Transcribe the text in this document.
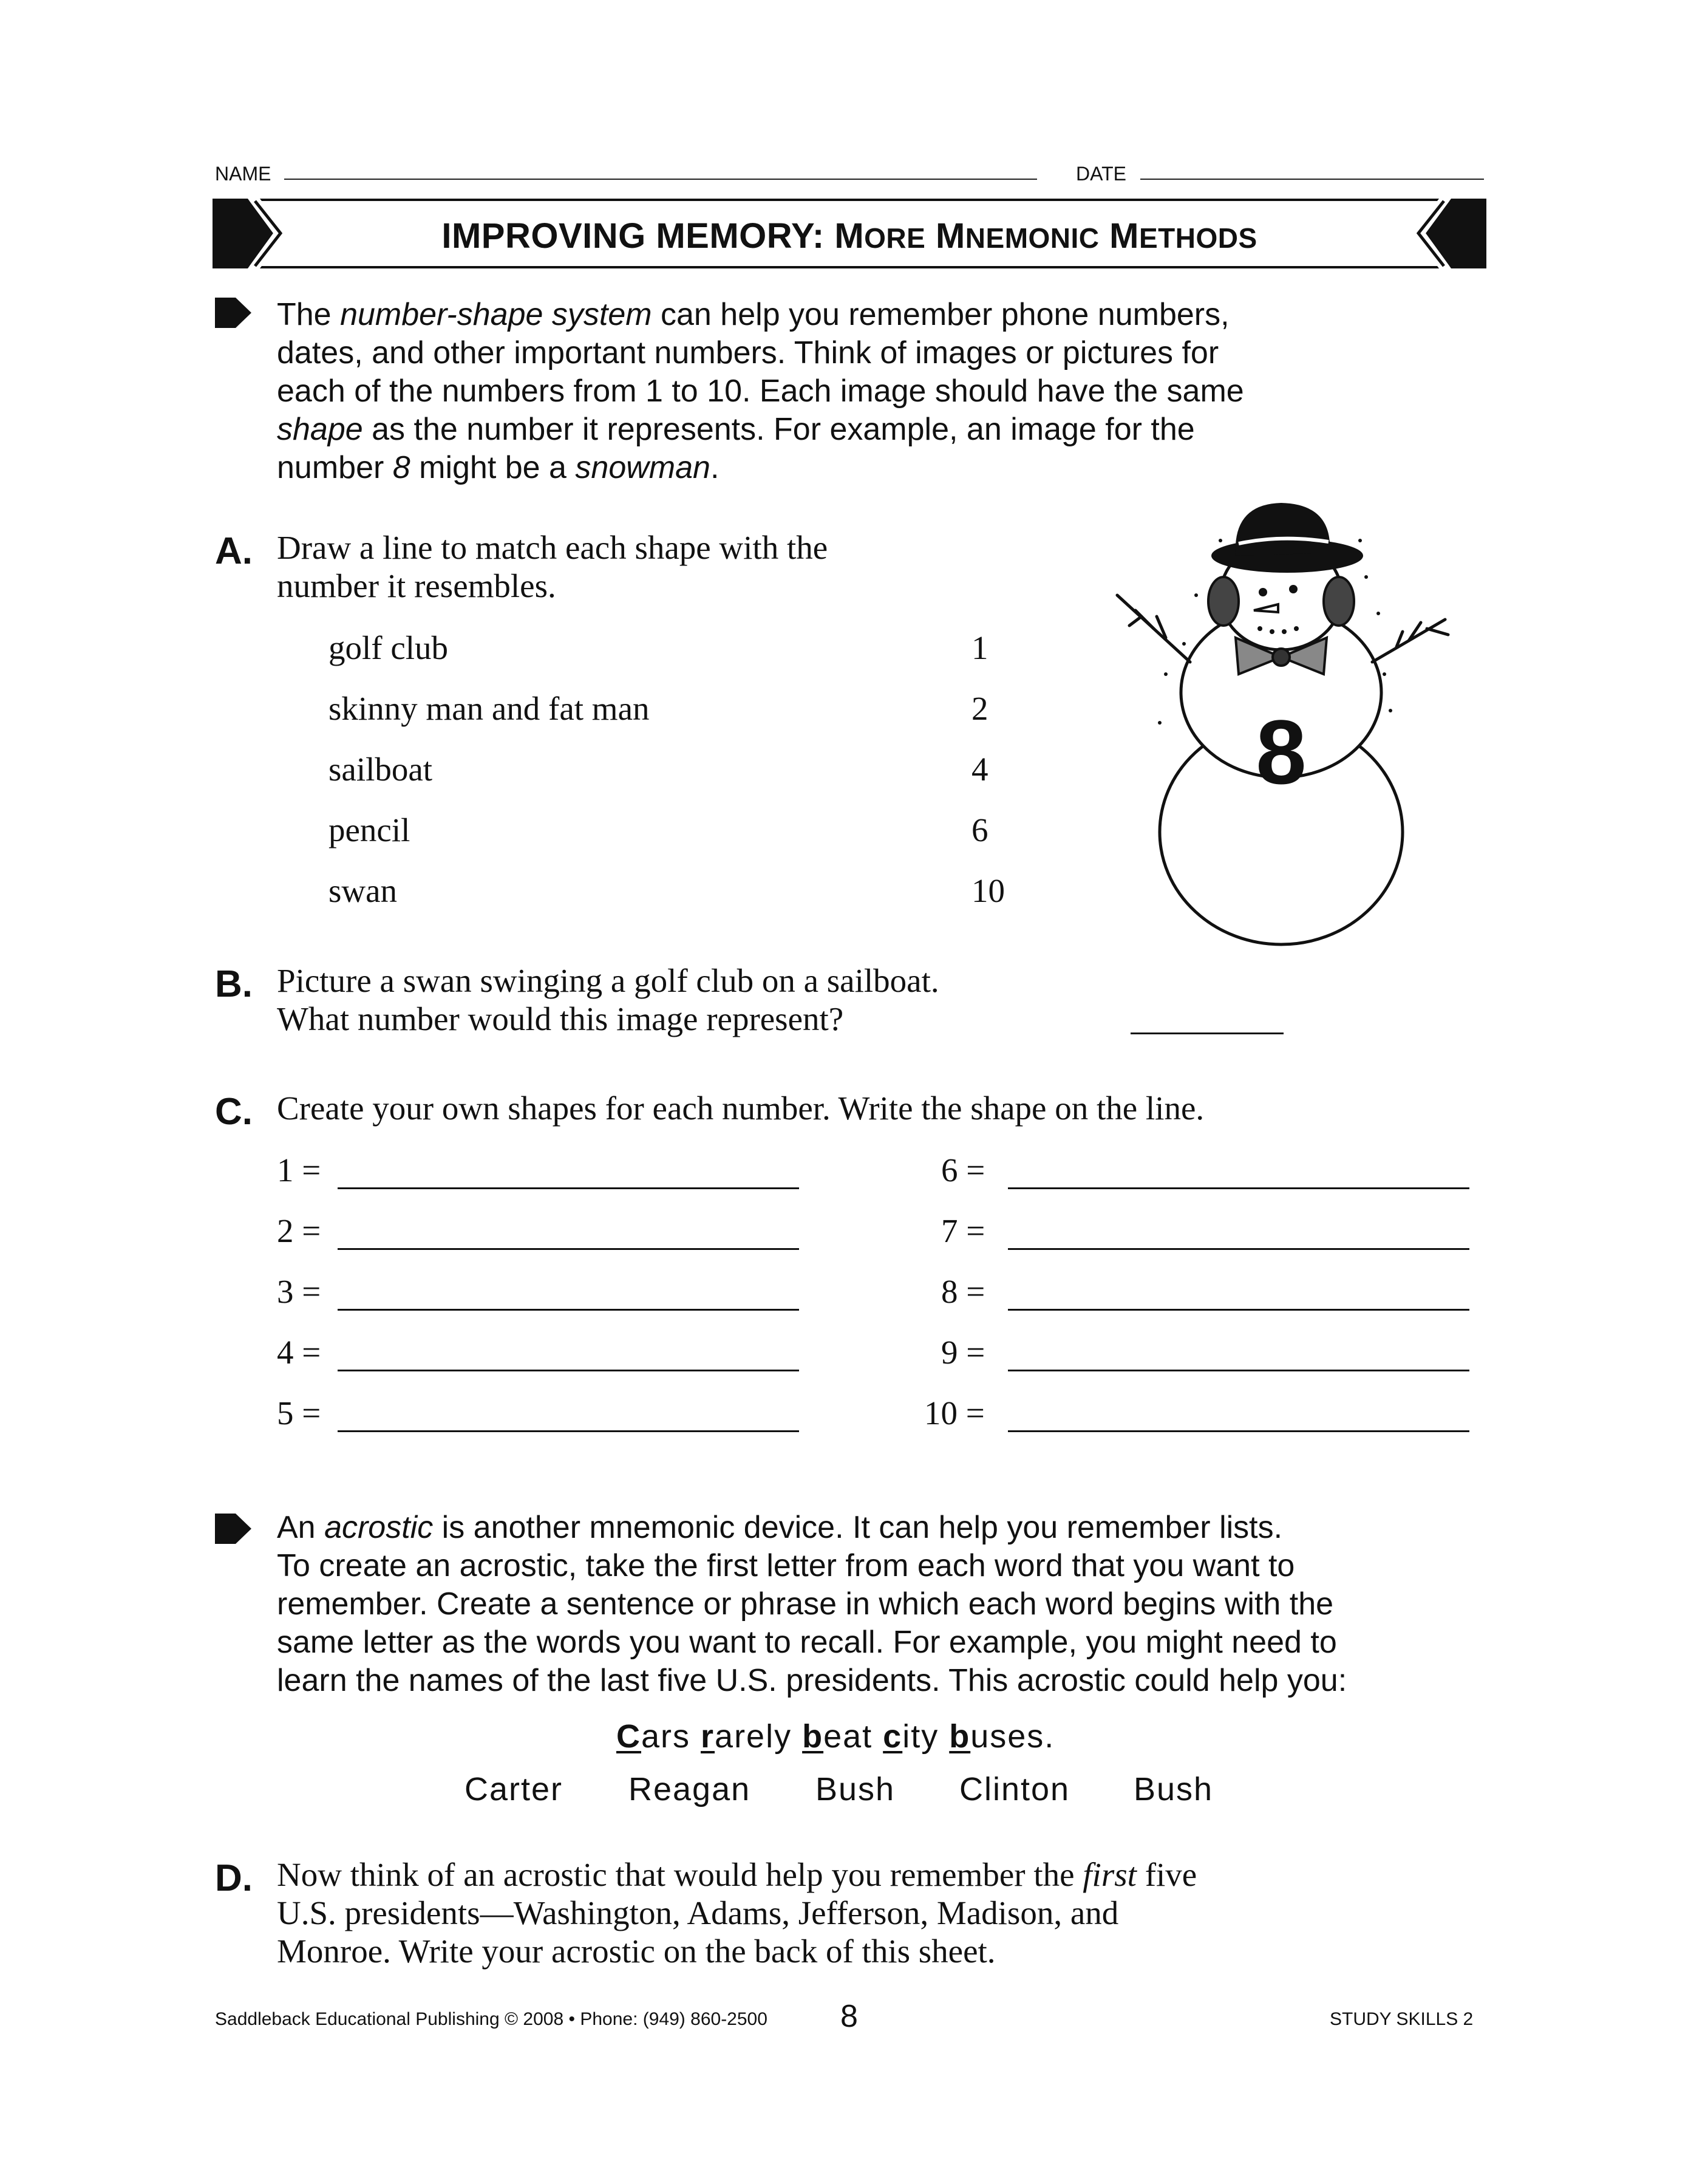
NAME	DATE
IMPROVING MEMORY: MORE MNEMONIC METHODS
The number-shape system can help you remember phone numbers,
dates, and other important numbers. Think of images or pictures for
each of the numbers from 1 to 10. Each image should have the same
shape as the number it represents. For example, an image for the
number 8 might be a snowman.
A. Draw a line to match each shape with the
number it resembles.
golf club
skinny man and fat man
sailboat
pencil
swan
1
2
4
6
10
8
B. Picture a swan swinging a golf club on a sailboat.
What number would this image represent?
C. Create your own shapes for each number. Write the shape on the line.
1 =
2 =
3 =
4 =
5 =
6 =
7 =
8 =
9 =
10 =
An acrostic is another mnemonic device. It can help you remember lists.
To create an acrostic, take the first letter from each word that you want to
remember. Create a sentence or phrase in which each word begins with the
same letter as the words you want to recall. For example, you might need to
learn the names of the last five U.S. presidents. This acrostic could help you:
Cars rarely beat city buses.
Carter Reagan Bush Clinton Bush
D. Now think of an acrostic that would help you remember the first five
U.S. presidents—Washington, Adams, Jefferson, Madison, and
Monroe. Write your acrostic on the back of this sheet.
Saddleback Educational Publishing © 2008 • Phone: (949) 860-2500 8	STUDY SKILLS 2
